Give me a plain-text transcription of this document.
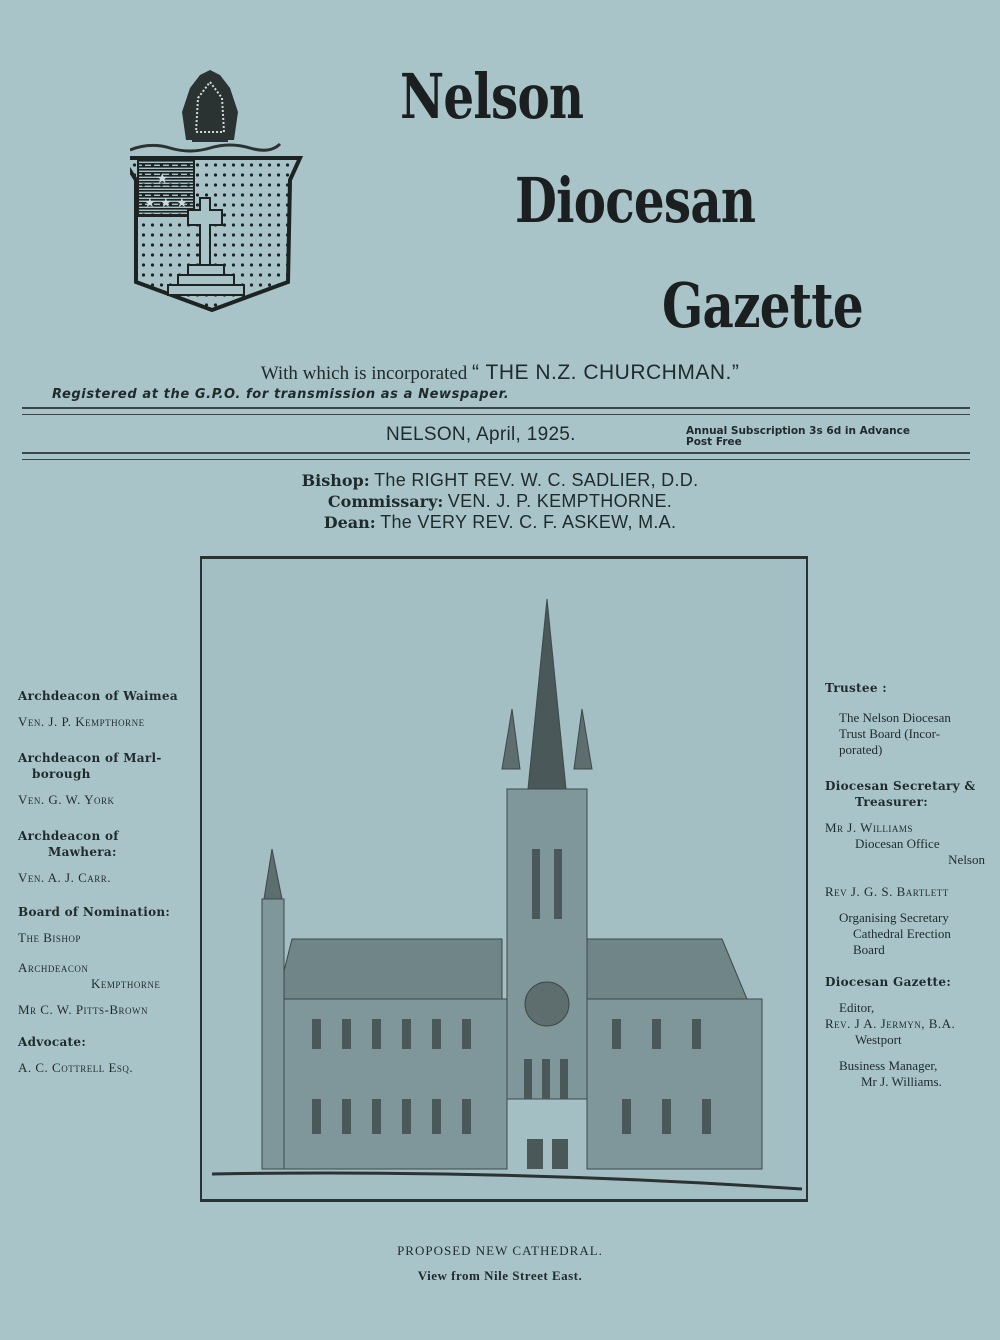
★
★ ★ ★
Nelson
Diocesan
Gazette
With which is incorporated “ THE N.Z. CHURCHMAN.”
Registered at the G.P.O. for transmission as a Newspaper.
NELSON, April, 1925.	Annual Subscription 3s 6d in Advance
Post Free
Bishop: The RIGHT REV. W. C. SADLIER, D.D.
Commissary: VEN. J. P. KEMPTHORNE.
Dean: The VERY REV. C. F. ASKEW, M.A.
Archdeacon of Waimea
Ven. J. P. Kempthorne
Archdeacon of Marl-
borough
Ven. G. W. York
Archdeacon of
Mawhera:
Ven. A. J. Carr.
Board of Nomination:
The Bishop
Archdeacon
Kempthorne
Mr C. W. Pitts-Brown
Advocate:
A. C. Cottrell Esq.
PROPOSED NEW CATHEDRAL.
View from Nile Street East.
Trustee :
The Nelson Diocesan
Trust Board (Incor-
porated)
Diocesan Secretary &
Treasurer:
Mr J. Williams
Diocesan Office
Nelson
Rev J. G. S. Bartlett
Organising Secretary
Cathedral Erection
Board
Diocesan Gazette:
Editor,
Rev. J A. Jermyn, B.A.
Westport
Business Manager,
Mr J. Williams.
